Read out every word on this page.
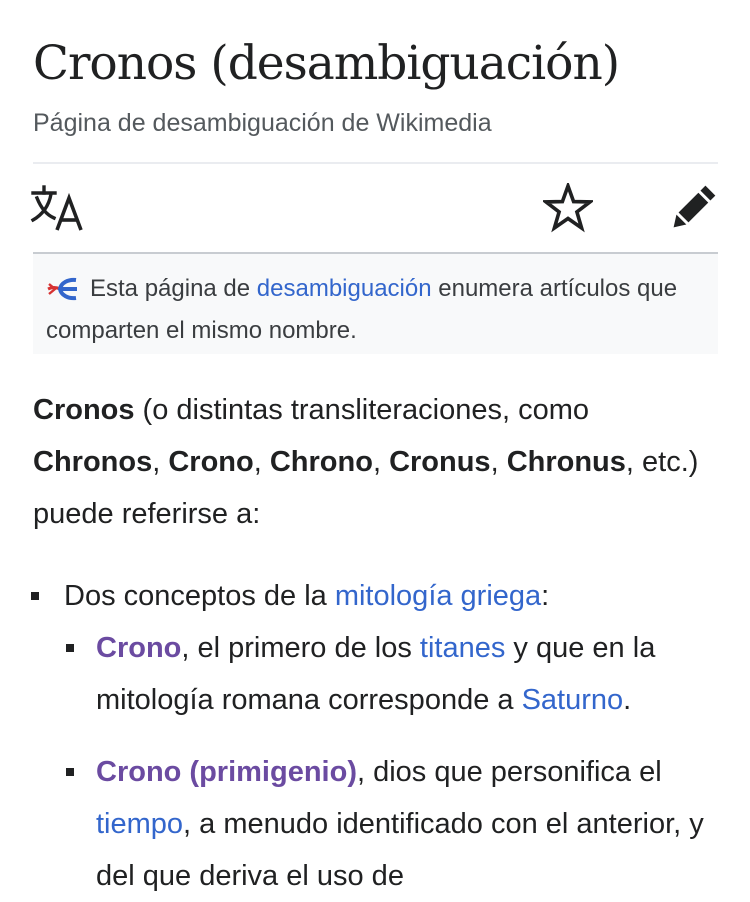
Cronos (desambiguación)
Página de desambiguación de Wikimedia
Esta página de desambiguación enumera artículos que comparten el mismo nombre.
Cronos (o distintas transliteraciones, como Chronos, Crono, Chrono, Cronus, Chronus, etc.) puede referirse a:
Dos conceptos de la mitología griega:
Crono, el primero de los titanes y que en la mitología romana corresponde a Saturno.
Crono (primigenio), dios que personifica el tiempo, a menudo identificado con el anterior, y del que deriva el uso de
